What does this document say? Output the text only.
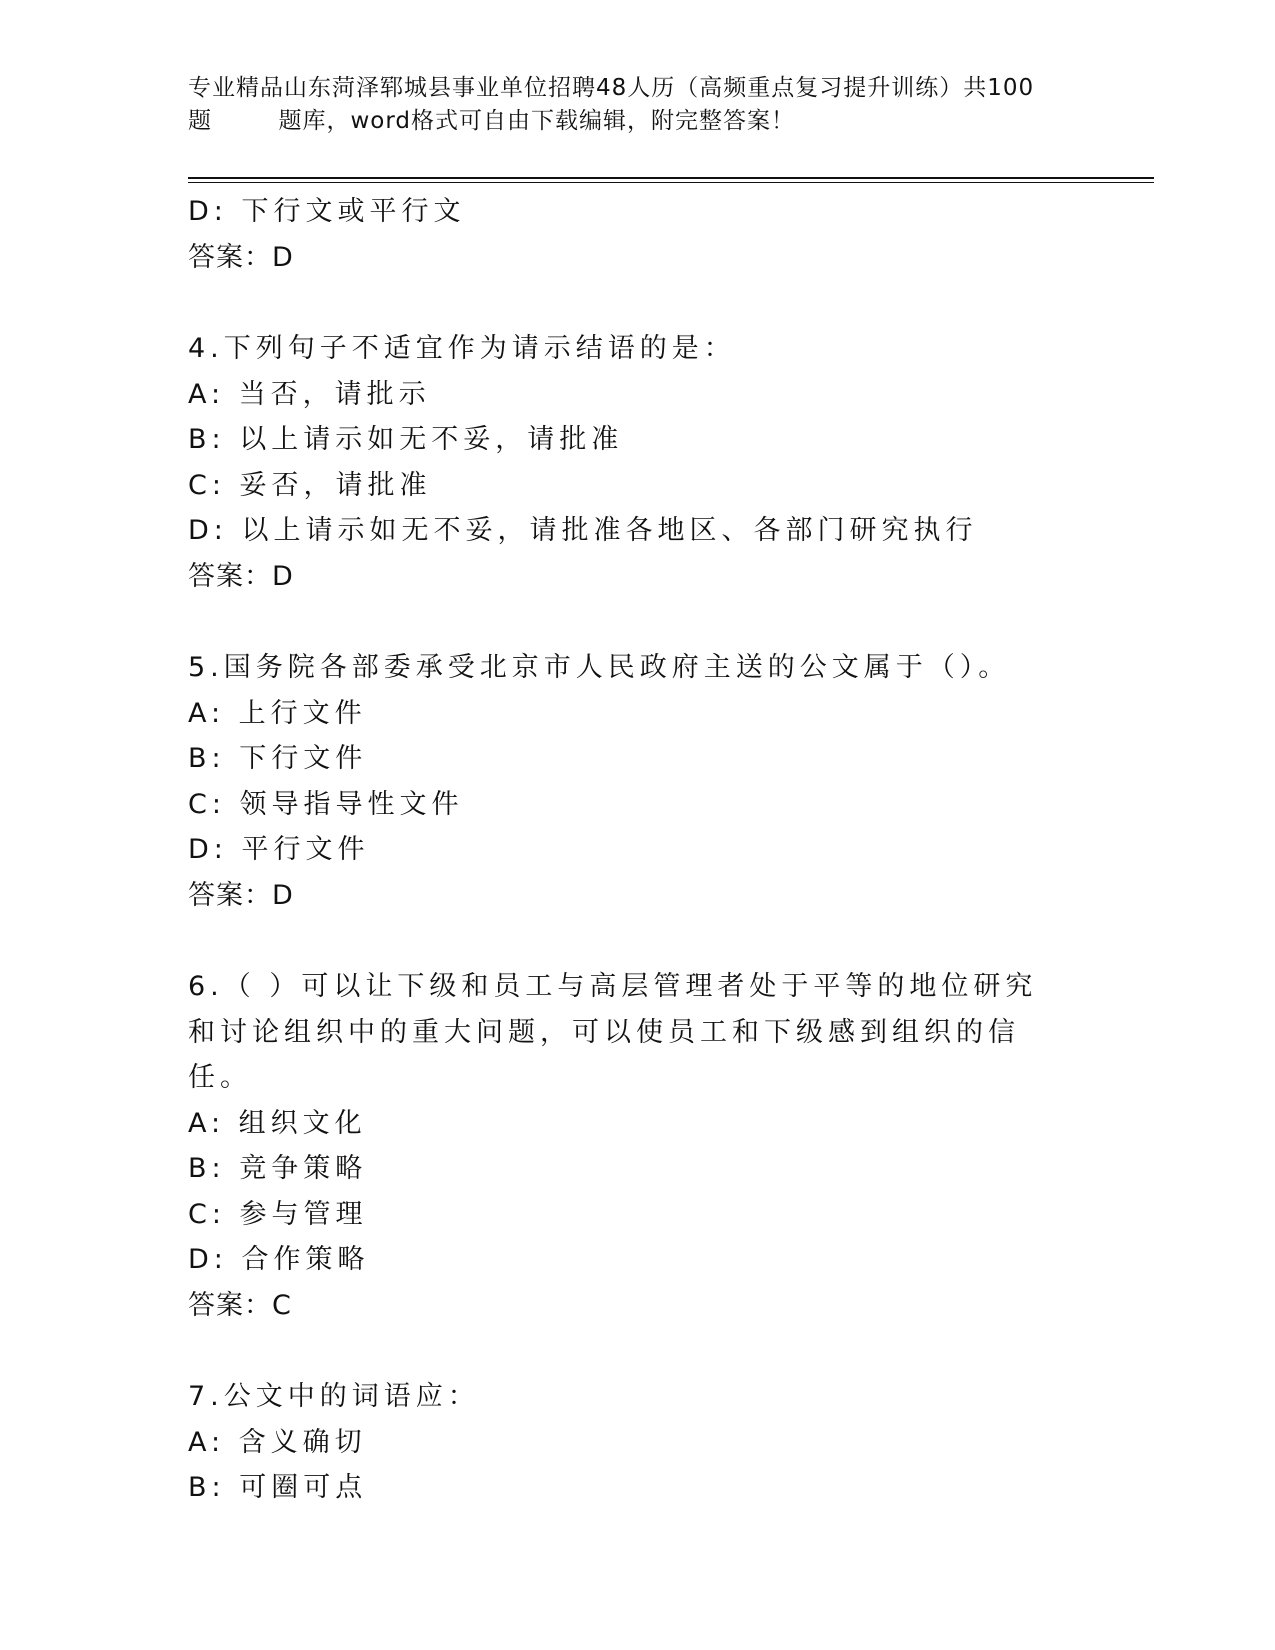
专业精品山东菏泽郓城县事业单位招聘48人历（高频重点复习提升训练）共100
题        题库，word格式可自由下载编辑，附完整答案！
D: 下行文或平行文
答案：D
4.下列句子不适宜作为请示结语的是：
A: 当否，请批示
B: 以上请示如无不妥，请批准
C: 妥否，请批准
D: 以上请示如无不妥，请批准各地区、各部门研究执行
答案：D
5.国务院各部委承受北京市人民政府主送的公文属于（）。
A: 上行文件
B: 下行文件
C: 领导指导性文件
D: 平行文件
答案：D
6.（ ）可以让下级和员工与高层管理者处于平等的地位研究和讨论组织中的重大问题，可以使员工和下级感到组织的信任。
A: 组织文化
B: 竞争策略
C: 参与管理
D: 合作策略
答案：C
7.公文中的词语应：
A: 含义确切
B: 可圈可点
